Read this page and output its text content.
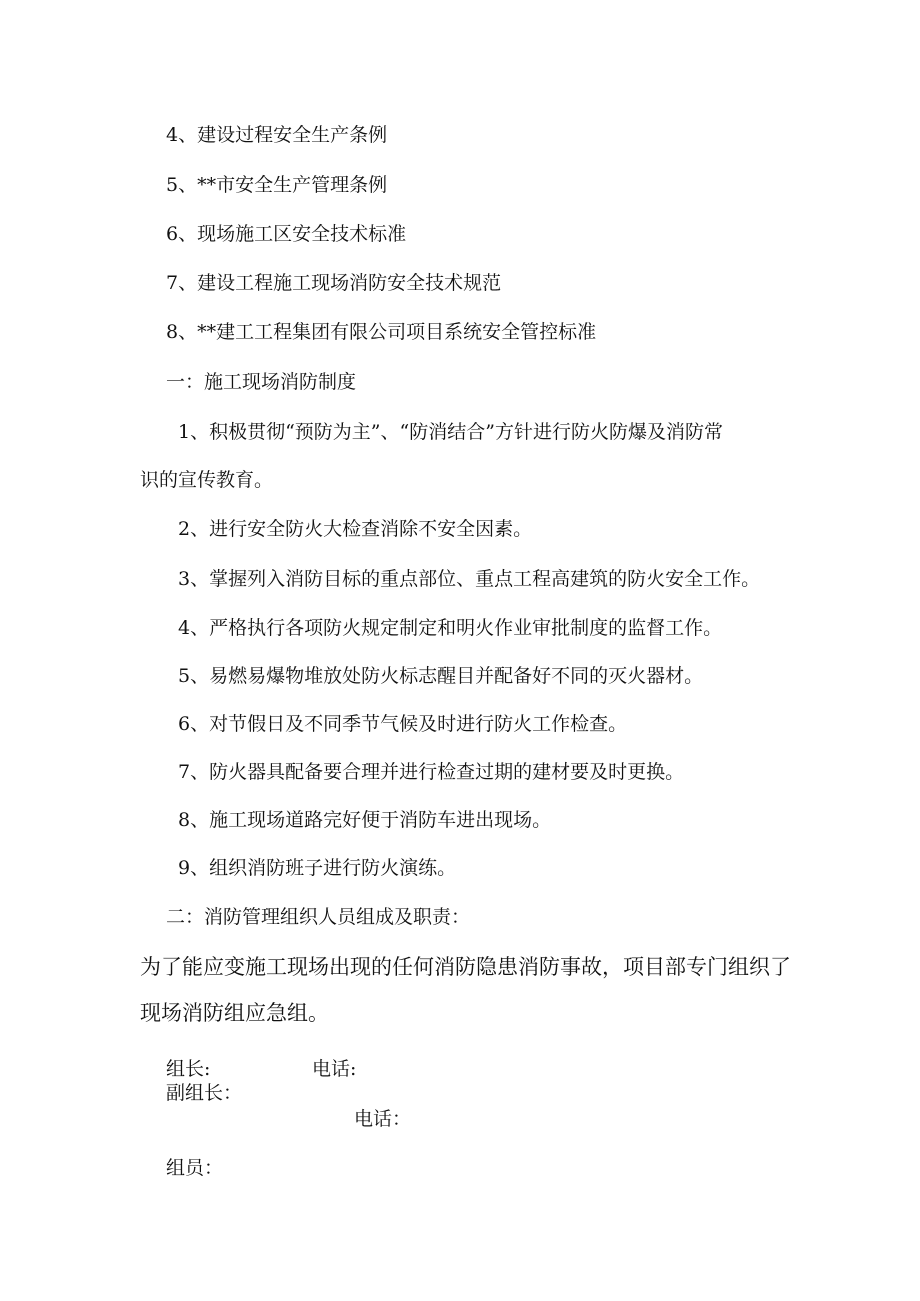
4、建设过程安全生产条例
5、**市安全生产管理条例
6、现场施工区安全技术标准
7、建设工程施工现场消防安全技术规范
8、**建工工程集团有限公司项目系统安全管控标准
一：施工现场消防制度
1、积极贯彻“预防为主”、“防消结合”方针进行防火防爆及消防常
识的宣传教育。
2、进行安全防火大检查消除不安全因素。
3、掌握列入消防目标的重点部位、重点工程高建筑的防火安全工作。
4、严格执行各项防火规定制定和明火作业审批制度的监督工作。
5、易燃易爆物堆放处防火标志醒目并配备好不同的灭火器材。
6、对节假日及不同季节气候及时进行防火工作检查。
7、防火器具配备要合理并进行检查过期的建材要及时更换。
8、施工现场道路完好便于消防车进出现场。
9、组织消防班子进行防火演练。
二：消防管理组织人员组成及职责：
为了能应变施工现场出现的任何消防隐患消防事故，项目部专门组织了
现场消防组应急组。
组长:	电话:
副组长：
电话：
组员：
